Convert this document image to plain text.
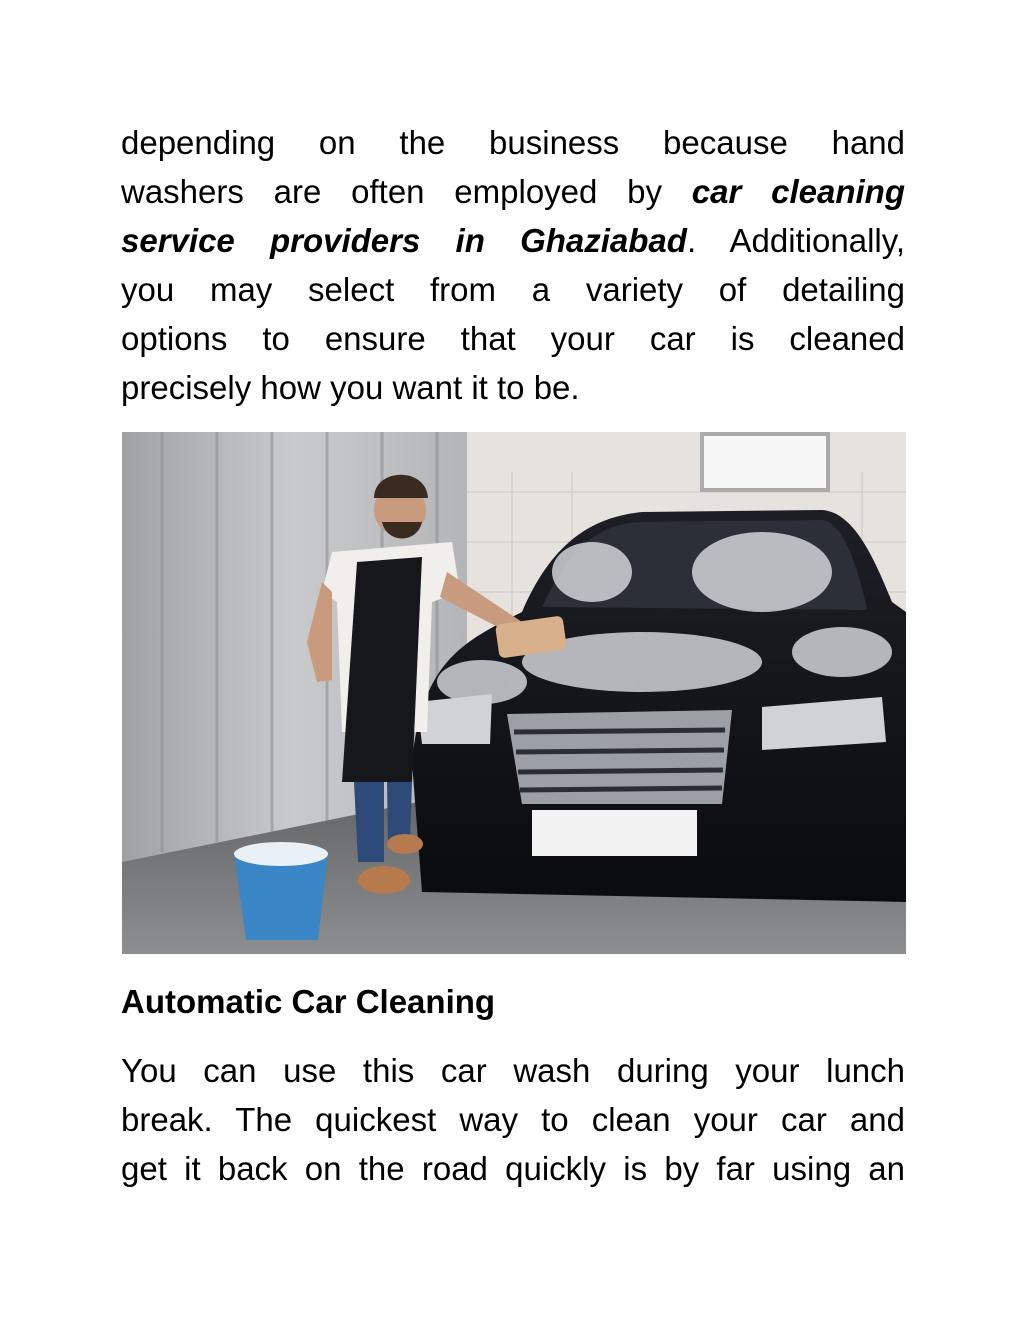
depending on the business because hand
washers are often employed by car cleaning
service providers in Ghaziabad. Additionally,
you may select from a variety of detailing
options to ensure that your car is cleaned
precisely how you want it to be.
Automatic Car Cleaning
You can use this car wash during your lunch
break. The quickest way to clean your car and
get it back on the road quickly is by far using an
